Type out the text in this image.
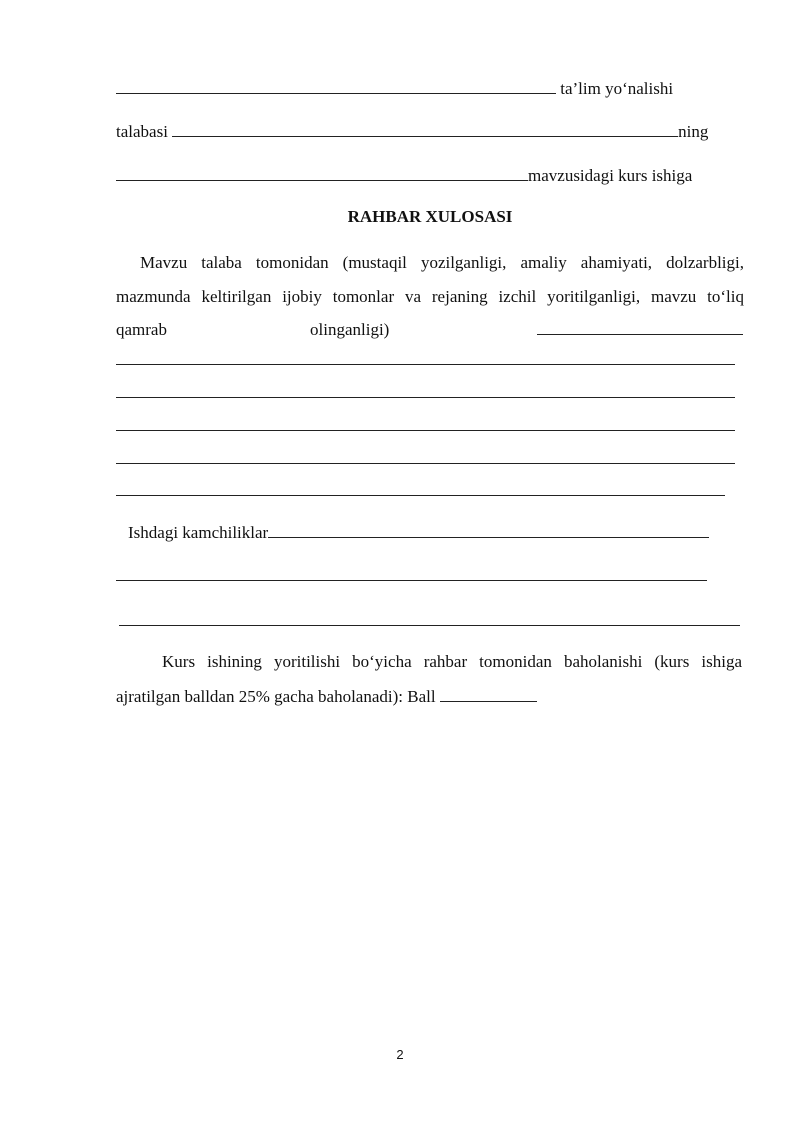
ta’lim yo‘nalishi
talabasi	ning
mavzusidagi kurs ishiga
RAHBAR XULOSASI
Mavzu talaba tomonidan (mustaqil yozilganligi, amaliy ahamiyati, dolzarbligi,
mazmunda keltirilgan ijobiy tomonlar va rejaning izchil yoritilganligi, mavzu to‘liq
qamrab	olinganligi)
Ishdagi kamchiliklar
Kurs ishining yoritilishi bo‘yicha rahbar tomonidan baholanishi (kurs ishiga
ajratilgan balldan 25% gacha baholanadi): Ball
2
